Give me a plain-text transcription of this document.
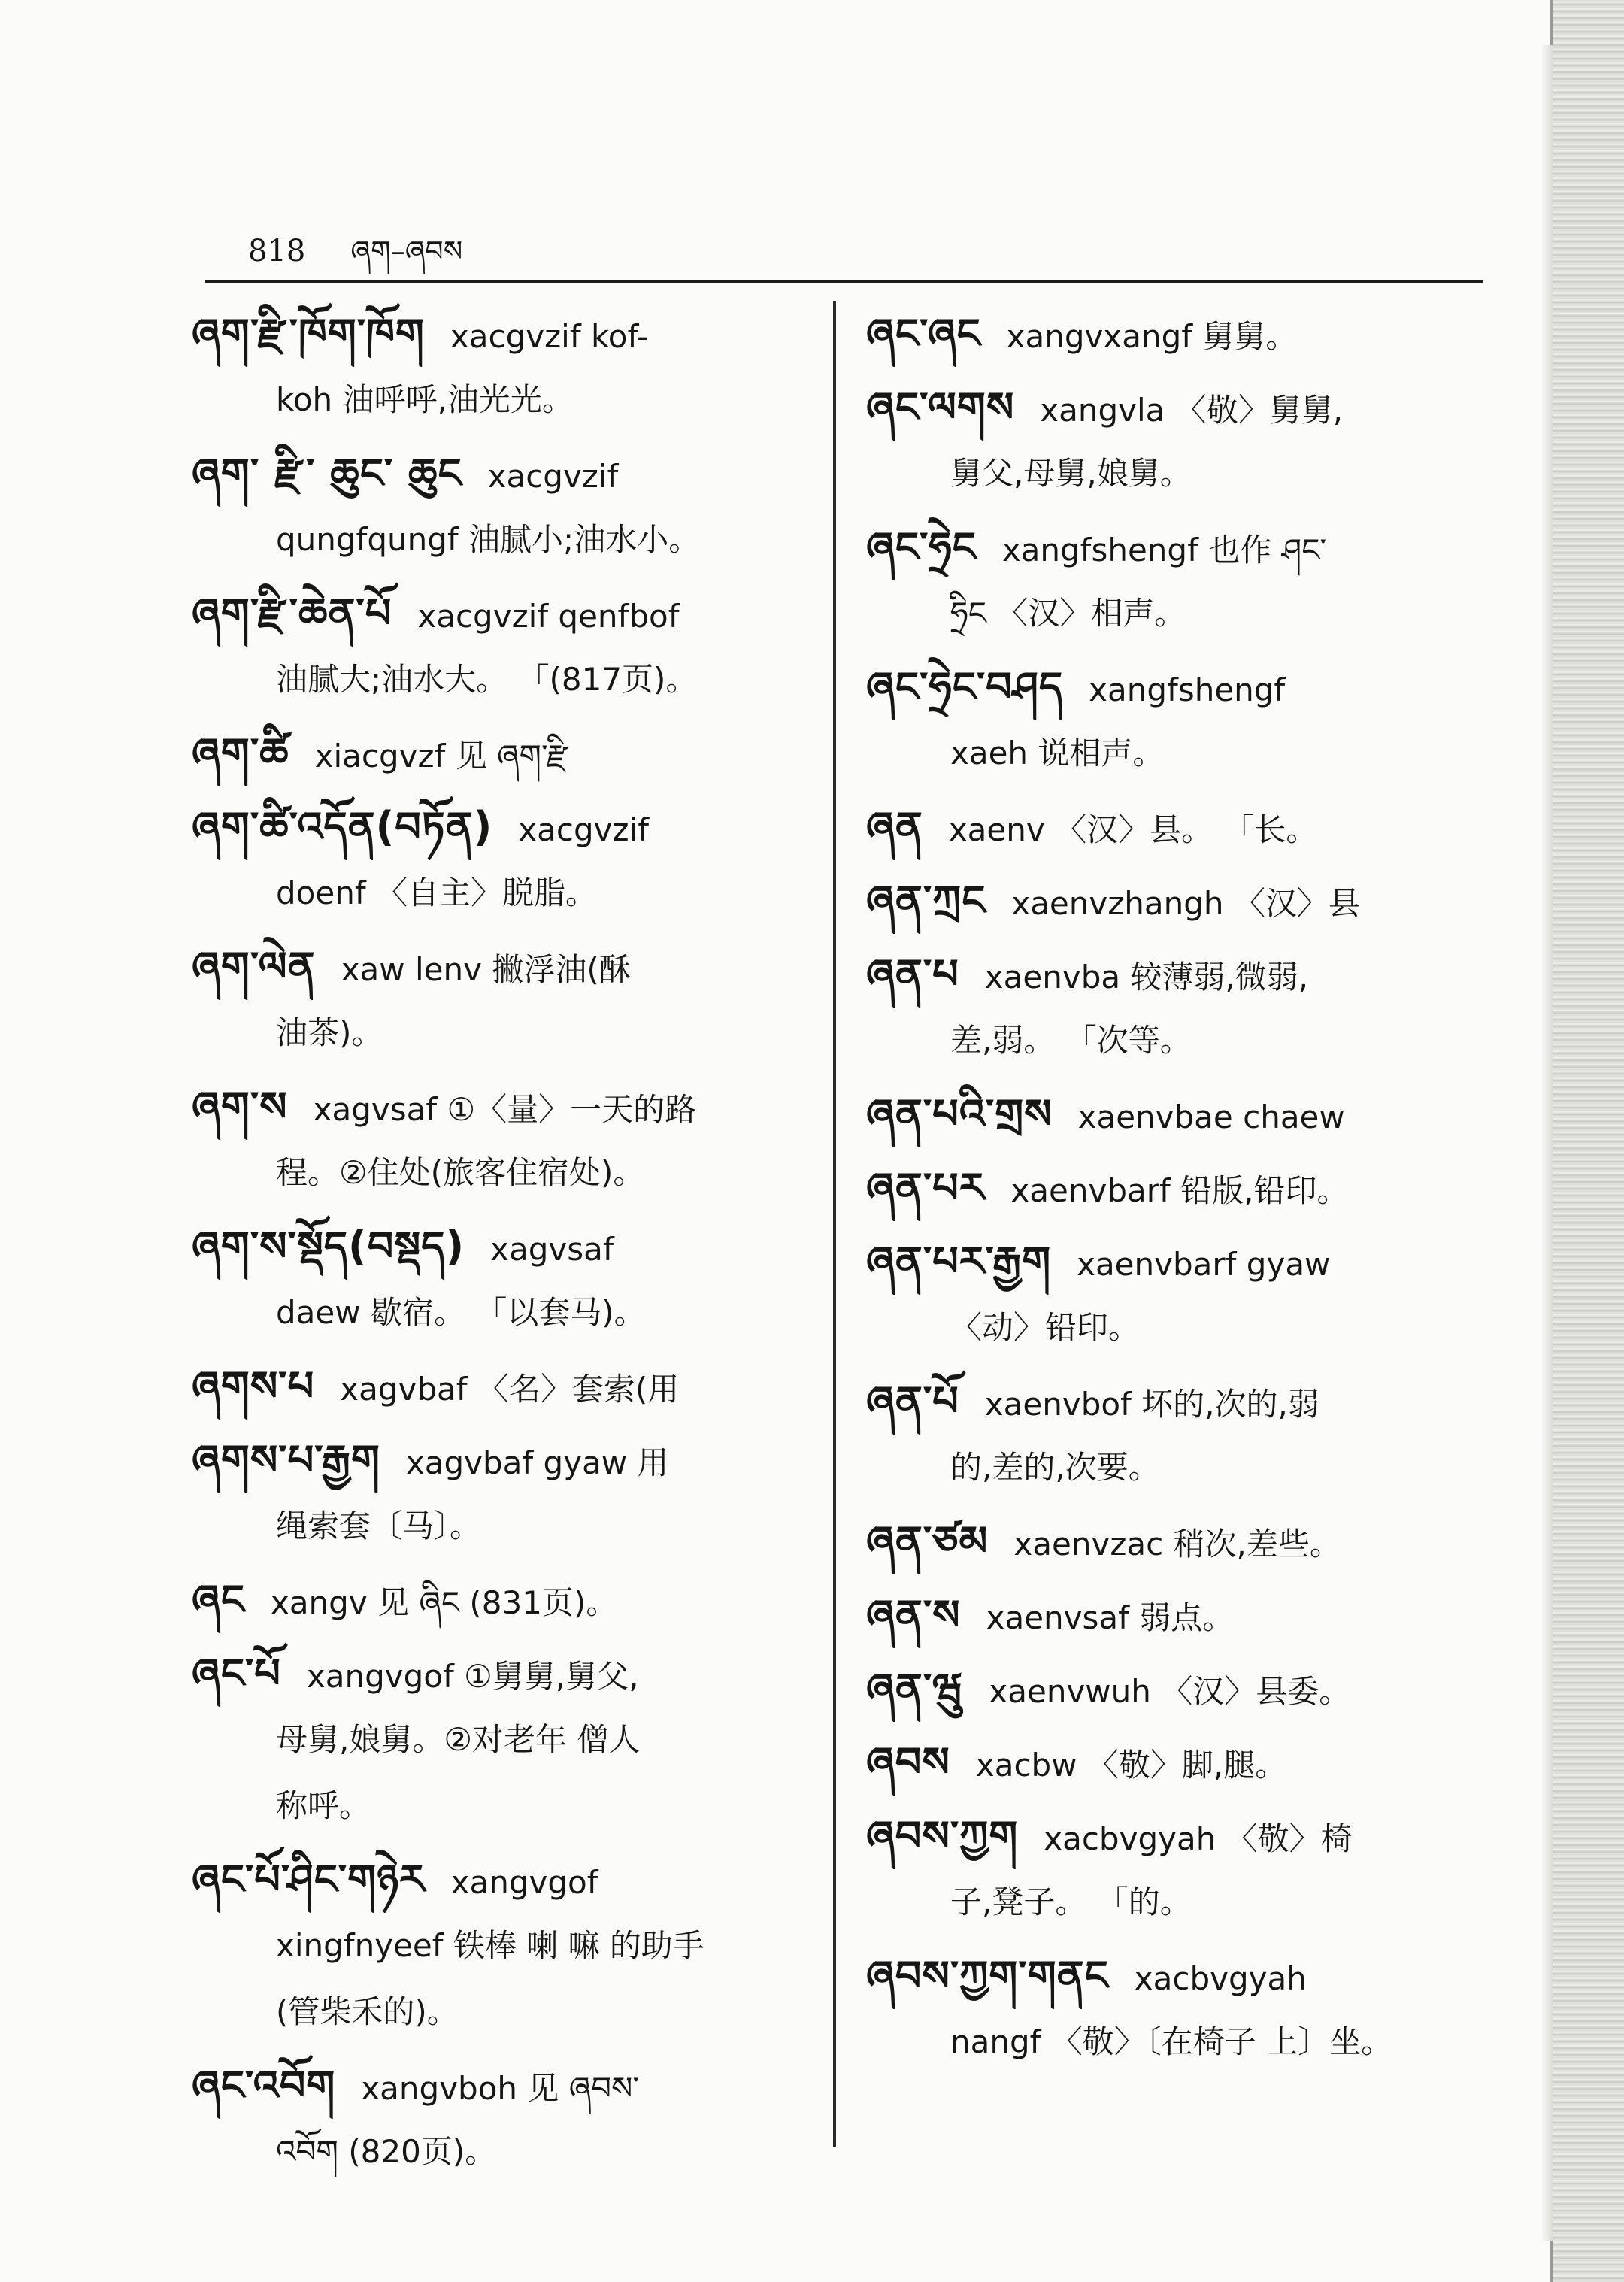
818 ཞག–ཞབས
ཞག་རྫི་ཁོག་ཁོག xacgvzif kof-
koh 油呼呼,油光光。
ཞག་ རྫི་ ཆུང་ ཆུང xacgvzif
qungfqungf 油腻小;油水小。
ཞག་རྫི་ཆེན་པོ xacgvzif qenfbof
油腻大;油水大。 「(817页)。
ཞག་ཚི xiacgvzf 见 ཞག་རྫི
ཞག་ཚི་འདོན(བཏོན) xacgvzif
doenf 〈自主〉脱脂。
ཞག་ལེན xaw lenv 撇浮油(酥
油茶)。
ཞག་ས xagvsaf ①〈量〉一天的路
程。②住处(旅客住宿处)。
ཞག་ས་སྡོད(བསྡད) xagvsaf
daew 歇宿。 「以套马)。
ཞགས་པ xagvbaf 〈名〉套索(用
ཞགས་པ་རྒྱག xagvbaf gyaw 用
绳索套〔马〕。
ཞང xangv 见 ཞིང (831页)。
ཞང་པོ xangvgof ①舅舅,舅父,
母舅,娘舅。②对老年 僧人
称呼。
ཞང་པོ་ཤིང་གཉེར xangvgof
xingfnyeef 铁棒 喇 嘛 的助手
(管柴禾的)。
ཞང་འབོག xangvboh 见 ཞབས་
འབོག (820页)。
ཞང་ཞང xangvxangf 舅舅。
ཞང་ལགས xangvla 〈敬〉舅舅,
舅父,母舅,娘舅。
ཞང་ཧྲེང xangfshengf 也作 ཤང་
ཧྲིང 〈汉〉相声。
ཞང་ཧྲེང་བཤད xangfshengf
xaeh 说相声。
ཞན xaenv 〈汉〉县。 「长。
ཞན་ཀྲང xaenvzhangh 〈汉〉县
ཞན་པ xaenvba 较薄弱,微弱,
差,弱。 「次等。
ཞན་པའི་གྲས xaenvbae chaew
ཞན་པར xaenvbarf 铅版,铅印。
ཞན་པར་རྒྱག xaenvbarf gyaw
〈动〉铅印。
ཞན་པོ xaenvbof 坏的,次的,弱
的,差的,次要。
ཞན་ཙམ xaenvzac 稍次,差些。
ཞན་ས xaenvsaf 弱点。
ཞན་ཝུ xaenvwuh 〈汉〉县委。
ཞབས xacbw 〈敬〉脚,腿。
ཞབས་ཀྱག xacbvgyah 〈敬〉椅
子,凳子。 「的。
ཞབས་ཀྱག་གནང xacbvgyah
nangf 〈敬〉〔在椅子 上〕坐。
